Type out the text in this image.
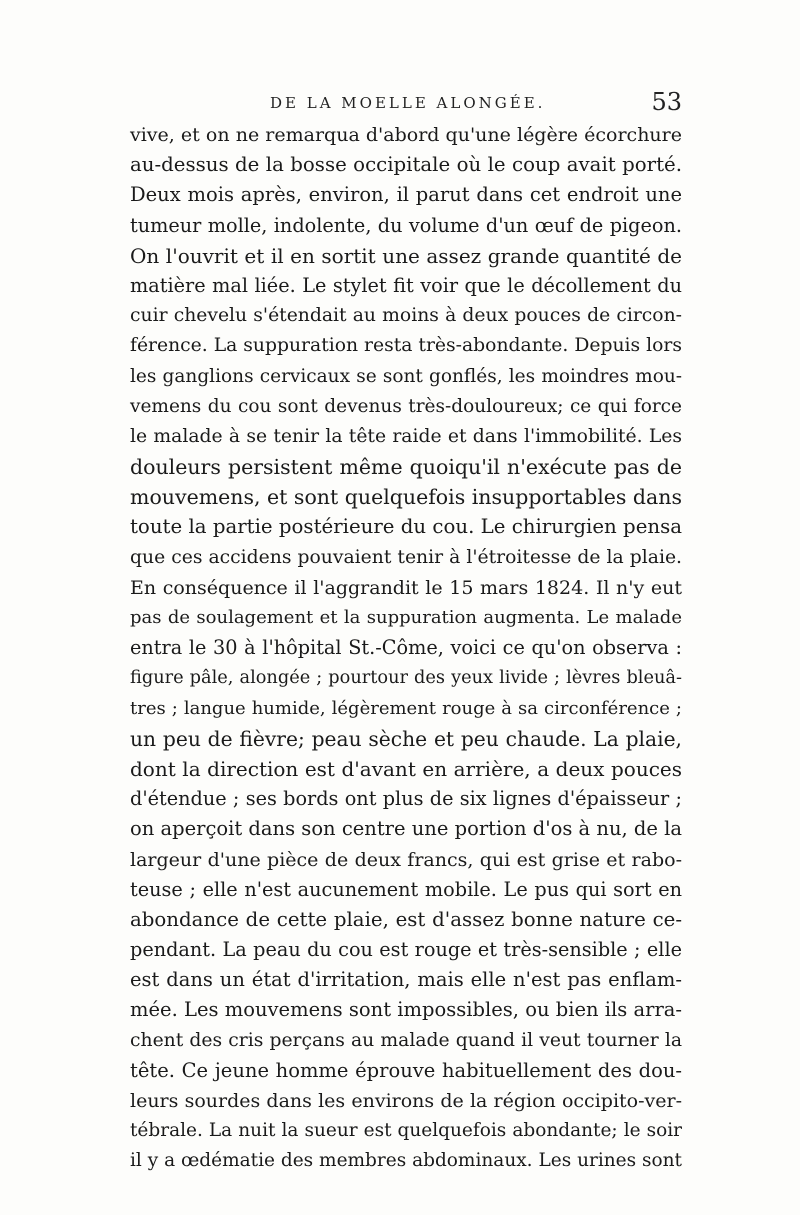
DE LA MOELLE ALONGÉE.	53
vive, et on ne remarqua d'abord qu'une légère écorchure
au-dessus de la bosse occipitale où le coup avait porté.
Deux mois après, environ, il parut dans cet endroit une
tumeur molle, indolente, du volume d'un œuf de pigeon.
On l'ouvrit et il en sortit une assez grande quantité de
matière mal liée. Le stylet fit voir que le décollement du
cuir chevelu s'étendait au moins à deux pouces de circon-
férence. La suppuration resta très-abondante. Depuis lors
les ganglions cervicaux se sont gonflés, les moindres mou-
vemens du cou sont devenus très-douloureux; ce qui force
le malade à se tenir la tête raide et dans l'immobilité. Les
douleurs persistent même quoiqu'il n'exécute pas de
mouvemens, et sont quelquefois insupportables dans
toute la partie postérieure du cou. Le chirurgien pensa
que ces accidens pouvaient tenir à l'étroitesse de la plaie.
En conséquence il l'aggrandit le 15 mars 1824. Il n'y eut
pas de soulagement et la suppuration augmenta. Le malade
entra le 30 à l'hôpital St.-Côme, voici ce qu'on observa :
figure pâle, alongée ; pourtour des yeux livide ; lèvres bleuâ-
tres ; langue humide, légèrement rouge à sa circonférence ;
un peu de fièvre; peau sèche et peu chaude. La plaie,
dont la direction est d'avant en arrière, a deux pouces
d'étendue ; ses bords ont plus de six lignes d'épaisseur ;
on aperçoit dans son centre une portion d'os à nu, de la
largeur d'une pièce de deux francs, qui est grise et rabo-
teuse ; elle n'est aucunement mobile. Le pus qui sort en
abondance de cette plaie, est d'assez bonne nature ce-
pendant. La peau du cou est rouge et très-sensible ; elle
est dans un état d'irritation, mais elle n'est pas enflam-
mée. Les mouvemens sont impossibles, ou bien ils arra-
chent des cris perçans au malade quand il veut tourner la
tête. Ce jeune homme éprouve habituellement des dou-
leurs sourdes dans les environs de la région occipito-ver-
tébrale. La nuit la sueur est quelquefois abondante; le soir
il y a œdématie des membres abdominaux. Les urines sont
